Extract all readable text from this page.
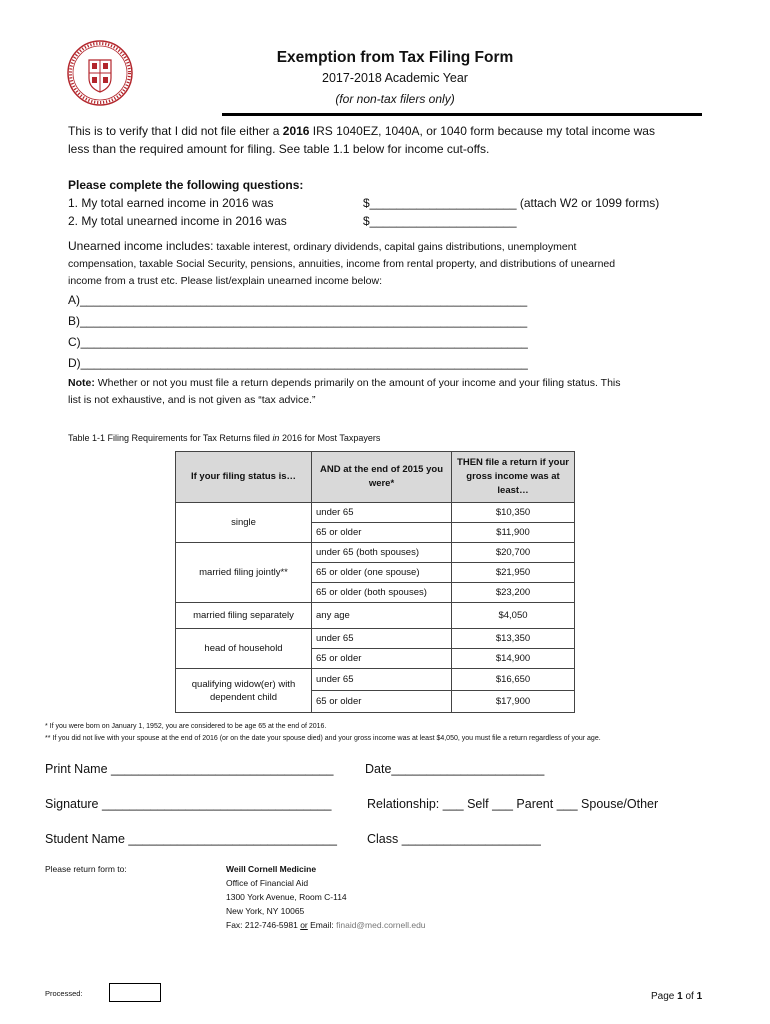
Exemption from Tax Filing Form
2017-2018 Academic Year
(for non-tax filers only)
This is to verify that I did not file either a 2016 IRS 1040EZ, 1040A, or 1040 form because my total income was
less than the required amount for filing. See table 1.1 below for income cut-offs.
Please complete the following questions:
1. My total earned income in 2016 was	$______________________ (attach W2 or 1099 forms)
2. My total unearned income in 2016 was	$______________________
Unearned income includes: taxable interest, ordinary dividends, capital gains distributions, unemployment
compensation, taxable Social Security, pensions, annuities, income from rental property, and distributions of unearned
income from a trust etc. Please list/explain unearned income below:
A)___________________________________________________________________
B)___________________________________________________________________
C)___________________________________________________________________
D)___________________________________________________________________
Note: Whether or not you must file a return depends primarily on the amount of your income and your filing status. This
list is not exhaustive, and is not given as “tax advice.”
Table 1-1 Filing Requirements for Tax Returns filed in 2016 for Most Taxpayers
If your filing status is…	AND at the end of 2015 you were*	THEN file a return if your gross income was at least…
single	under 65	$10,350
	65 or older	$11,900
married filing jointly**	under 65 (both spouses)	$20,700
	65 or older (one spouse)	$21,950
	65 or older (both spouses)	$23,200
married filing separately	any age	$4,050
head of household	under 65	$13,350
	65 or older	$14,900
qualifying widow(er) with dependent child	under 65	$16,650
	65 or older	$17,900
* If you were born on January 1, 1952, you are considered to be age 65 at the end of 2016.
** If you did not live with your spouse at the end of 2016 (or on the date your spouse died) and your gross income was at least $4,050, you must file a return regardless of your age.
Print Name ________________________________	Date______________________
Signature _________________________________	Relationship: ___ Self ___ Parent ___ Spouse/Other
Student Name ______________________________ Class ____________________
Please return form to:	Weill Cornell Medicine
Office of Financial Aid
1300 York Avenue, Room C-114
New York, NY 10065
Fax: 212-746-5981 or Email: finaid@med.cornell.edu
Processed:	Page 1 of 1
